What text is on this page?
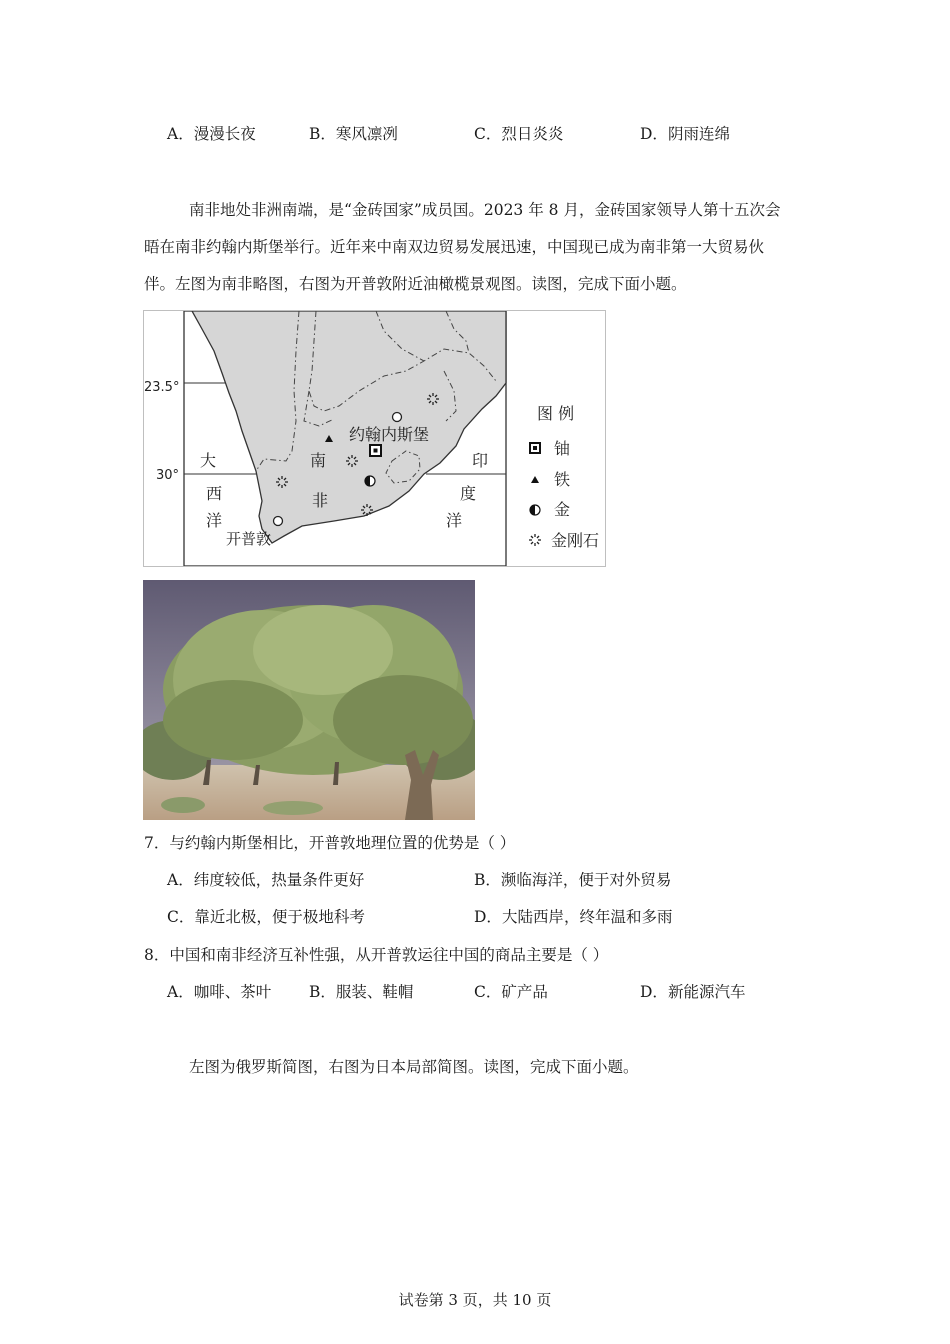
A．漫漫长夜	B．寒风凛冽	C．烈日炎炎	D．阴雨连绵
南非地处非洲南端，是“金砖国家”成员国。2023 年 8 月，金砖国家领导人第十五次会
晤在南非约翰内斯堡举行。近年来中南双边贸易发展迅速，中国现已成为南非第一大贸易伙
伴。左图为南非略图，右图为开普敦附近油橄榄景观图。读图，完成下面小题。
23.5°
30°
大
西
洋
印
度
洋
南
非
约翰内斯堡
开普敦
图 例
铀
铁
金
金刚石
7．与约翰内斯堡相比，开普敦地理位置的优势是（ ）
A．纬度较低，热量条件更好	B．濒临海洋，便于对外贸易
C．靠近北极，便于极地科考	D．大陆西岸，终年温和多雨
8．中国和南非经济互补性强，从开普敦运往中国的商品主要是（ ）
A．咖啡、茶叶 B．服装、鞋帽	C．矿产品	D．新能源汽车
左图为俄罗斯简图，右图为日本局部简图。读图，完成下面小题。
试卷第 3 页，共 10 页
